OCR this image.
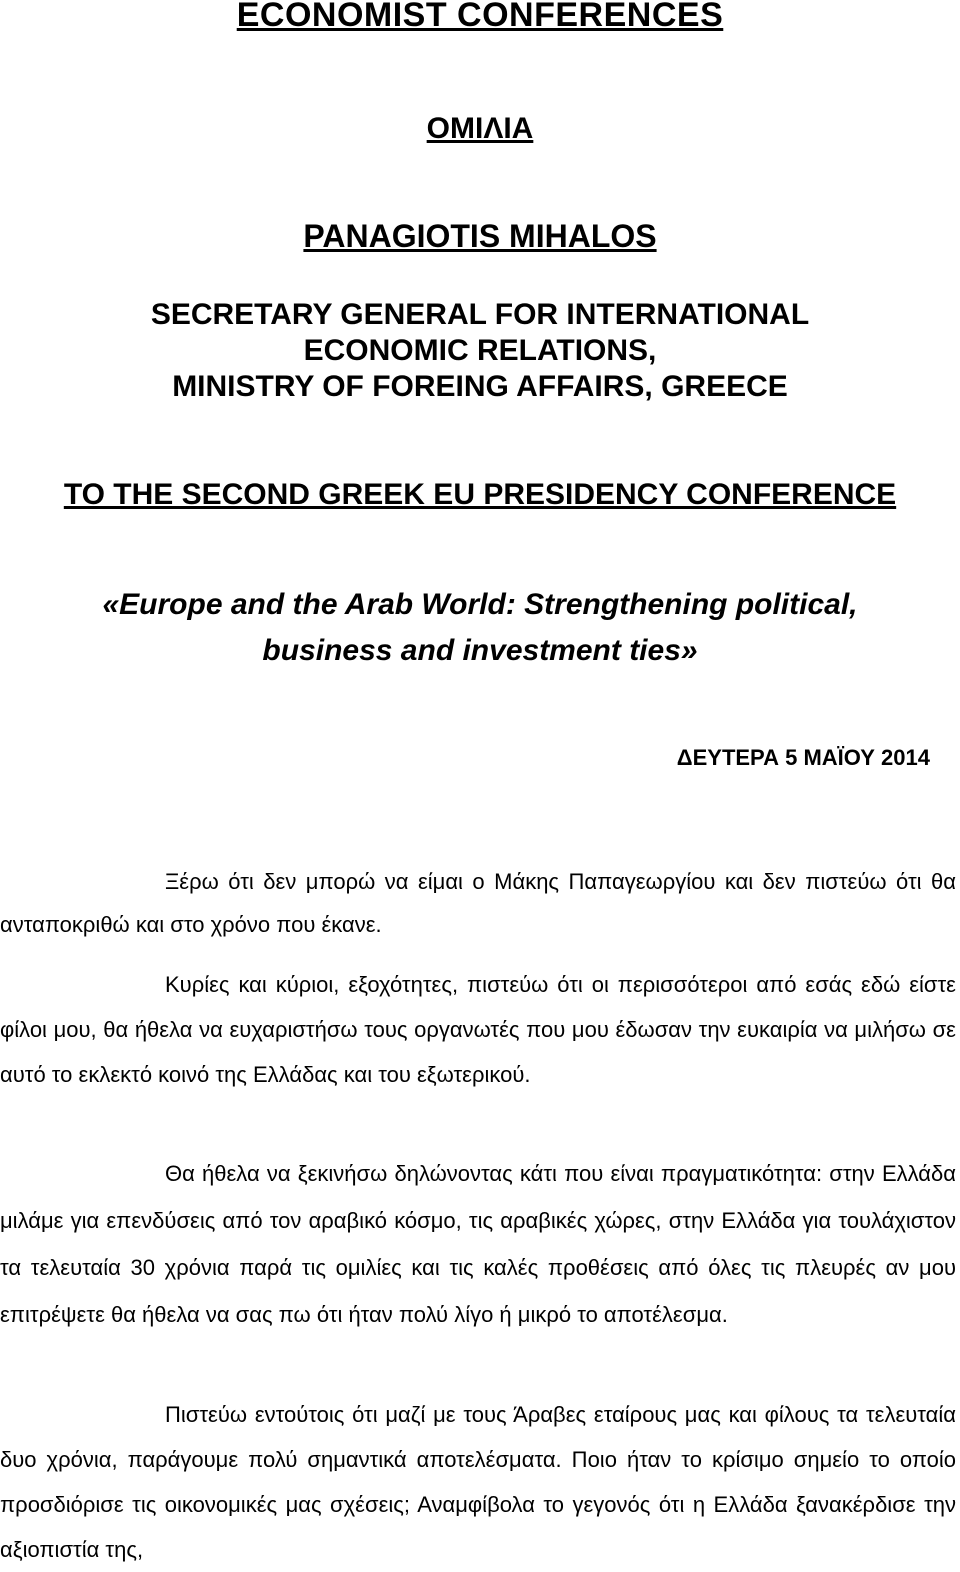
ECONOMIST CONFERENCES

ΟΜΙΛΙΑ

PANAGIOTIS MIHALOS

SECRETARY GENERAL FOR INTERNATIONAL
ECONOMIC RELATIONS,
MINISTRY OF FOREING AFFAIRS, GREECE

TO THE SECOND GREEK EU PRESIDENCY CONFERENCE

«Europe and the Arab World: Strengthening political,
business and investment ties»

ΔΕΥΤΕΡΑ 5 ΜΑΪΟΥ 2014

Ξέρω ότι δεν μπορώ να είμαι ο Μάκης Παπαγεωργίου και δεν πιστεύω ότι θα ανταποκριθώ και στο χρόνο που έκανε.

Κυρίες και κύριοι, εξοχότητες, πιστεύω ότι οι περισσότεροι από εσάς εδώ είστε φίλοι μου, θα ήθελα να ευχαριστήσω τους οργανωτές που μου έδωσαν την ευκαιρία να μιλήσω σε αυτό το εκλεκτό κοινό της Ελλάδας και του εξωτερικού.

Θα ήθελα να ξεκινήσω δηλώνοντας κάτι που είναι πραγματικότητα: στην Ελλάδα μιλάμε για επενδύσεις από τον αραβικό κόσμο, τις αραβικές χώρες, στην Ελλάδα για τουλάχιστον τα τελευταία 30 χρόνια παρά τις ομιλίες και τις καλές προθέσεις από όλες τις πλευρές αν μου επιτρέψετε θα ήθελα να σας πω ότι ήταν πολύ λίγο ή μικρό το αποτέλεσμα.

Πιστεύω εντούτοις ότι μαζί με τους Άραβες εταίρους μας και φίλους τα τελευταία δυο χρόνια, παράγουμε πολύ σημαντικά αποτελέσματα. Ποιο ήταν το κρίσιμο σημείο το οποίο προσδιόρισε τις οικονομικές μας σχέσεις; Αναμφίβολα το γεγονός ότι η Ελλάδα ξανακέρδισε την αξιοπιστία της,
